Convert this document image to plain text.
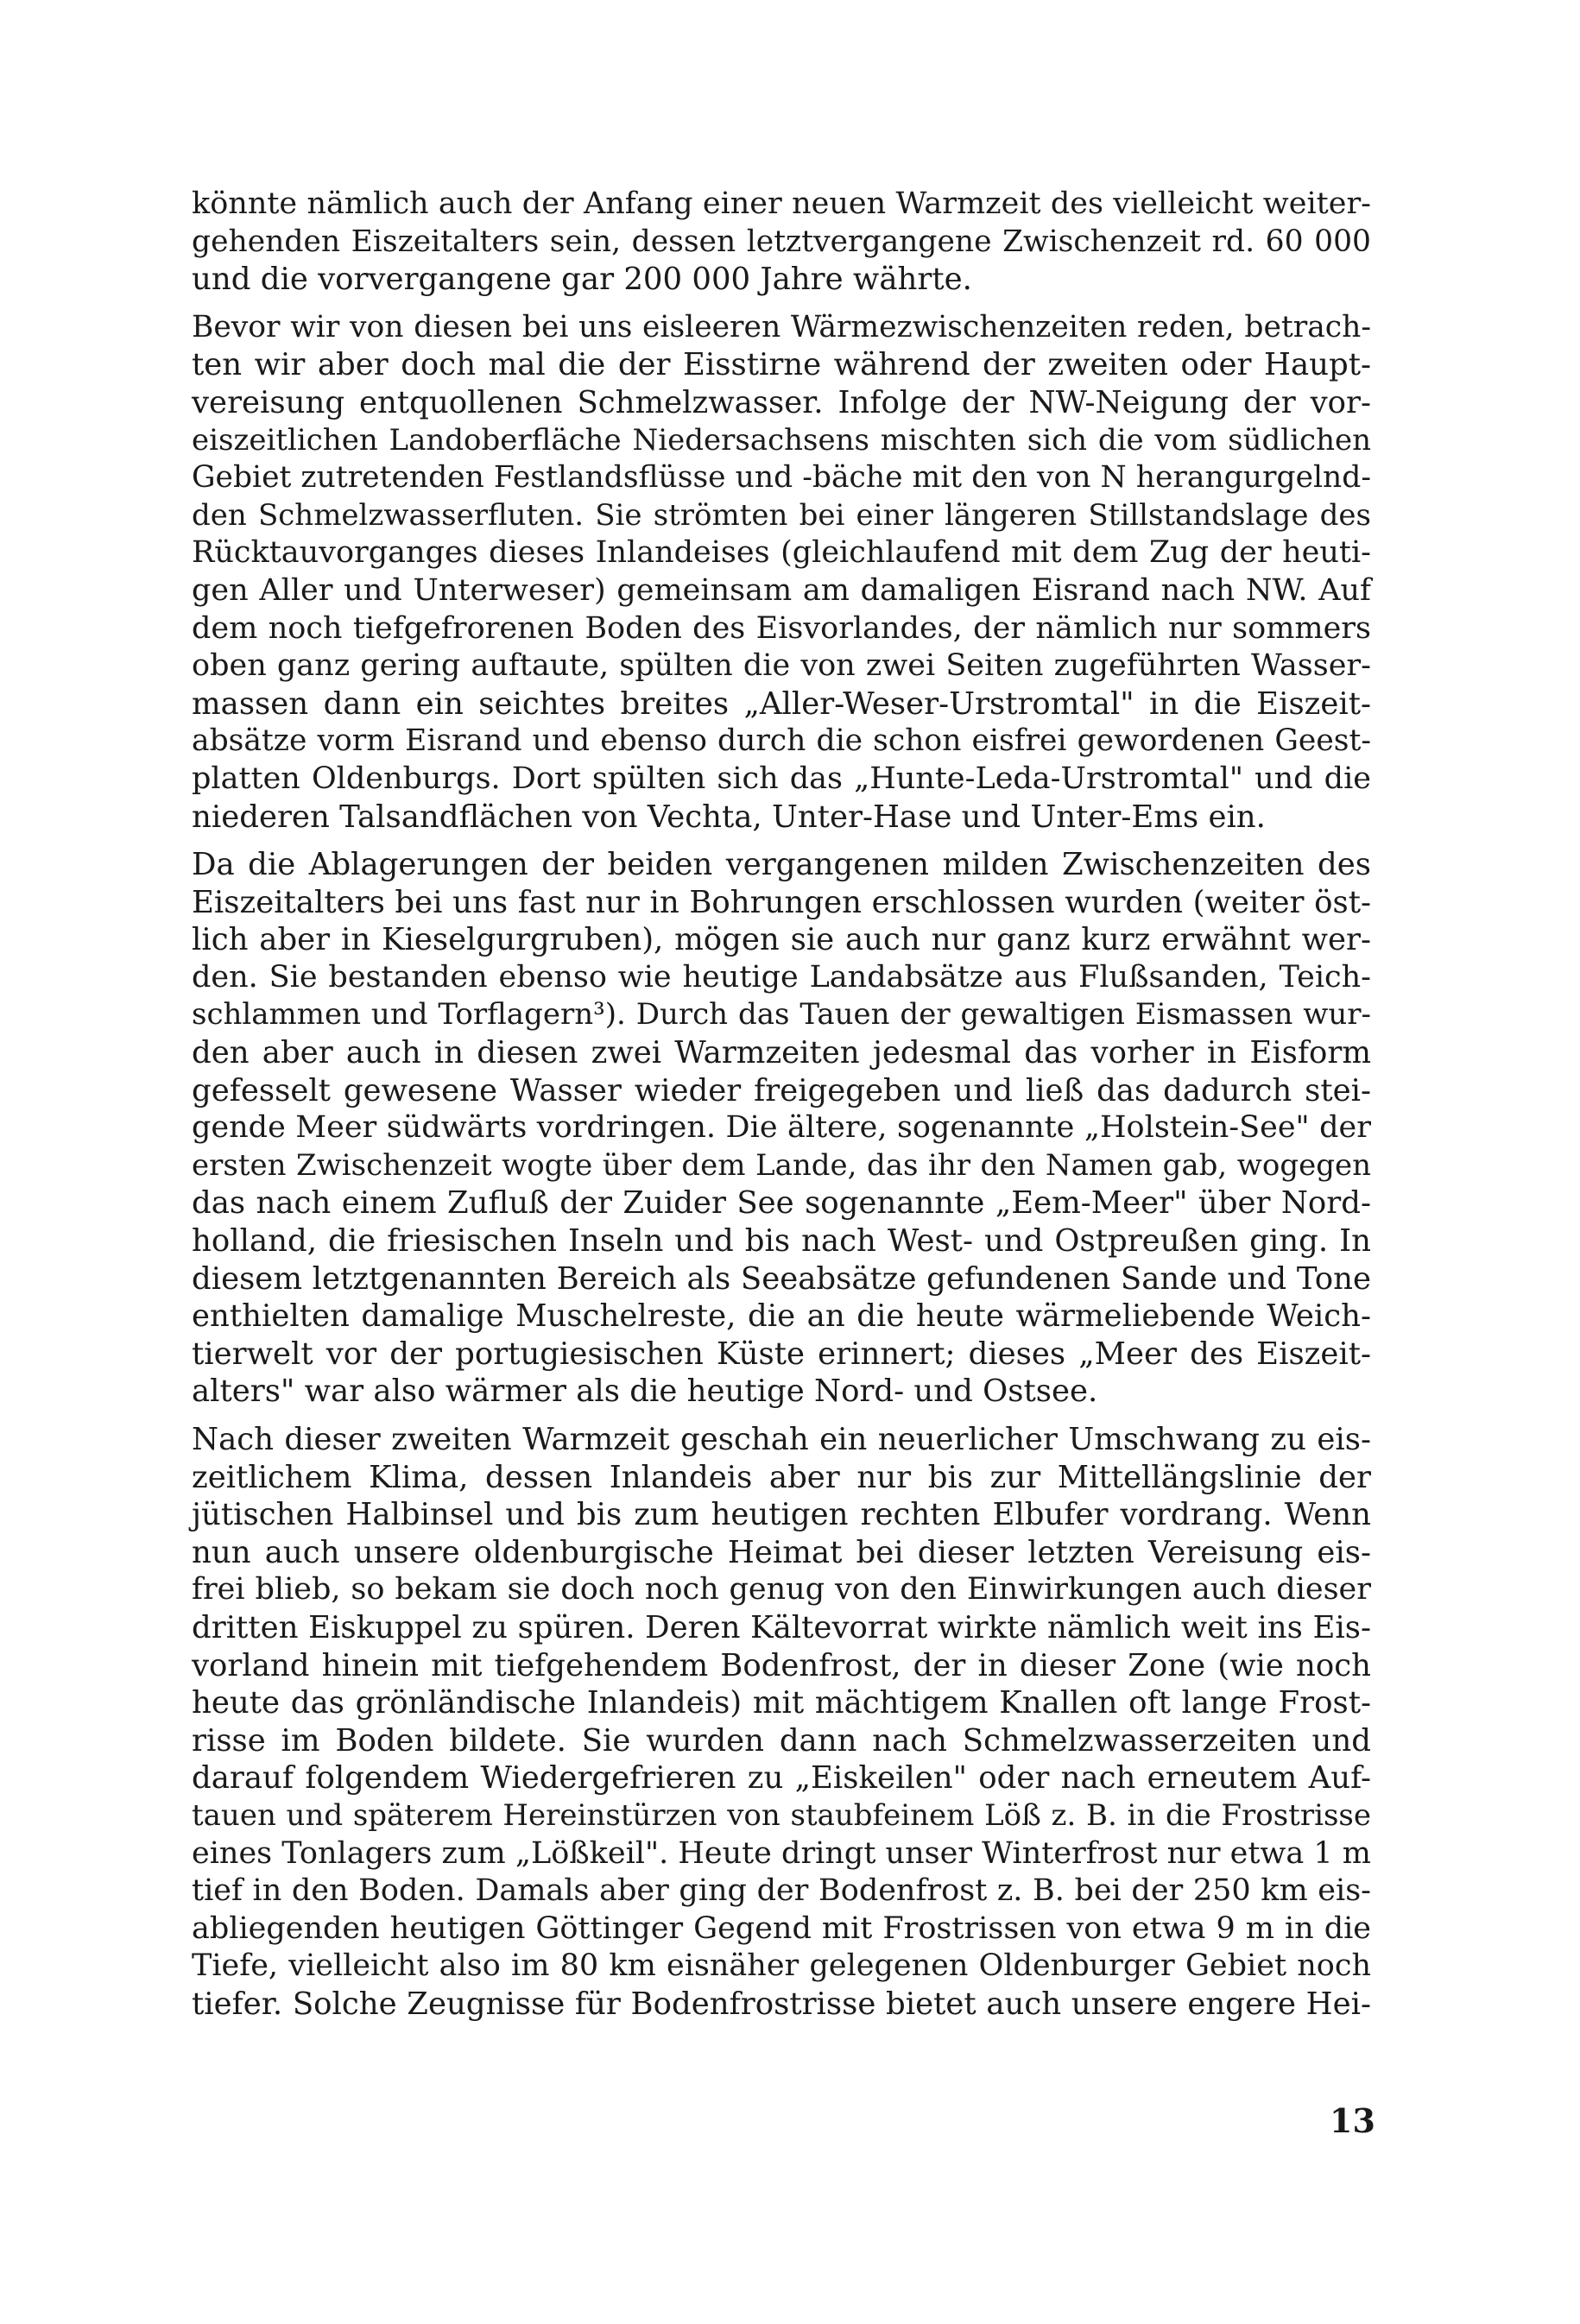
könnte nämlich auch der Anfang einer neuen Warmzeit des vielleicht weiter-
gehenden Eiszeitalters sein, dessen letztvergangene Zwischenzeit rd. 60 000
und die vorvergangene gar 200 000 Jahre währte.
Bevor wir von diesen bei uns eisleeren Wärmezwischenzeiten reden, betrach-
ten wir aber doch mal die der Eisstirne während der zweiten oder Haupt-
vereisung entquollenen Schmelzwasser. Infolge der NW-Neigung der vor-
eiszeitlichen Landoberfläche Niedersachsens mischten sich die vom südlichen
Gebiet zutretenden Festlandsflüsse und -bäche mit den von N herangurgelnd-
den Schmelzwasserfluten. Sie strömten bei einer längeren Stillstandslage des
Rücktauvorganges dieses Inlandeises (gleichlaufend mit dem Zug der heuti-
gen Aller und Unterweser) gemeinsam am damaligen Eisrand nach NW. Auf
dem noch tiefgefrorenen Boden des Eisvorlandes, der nämlich nur sommers
oben ganz gering auftaute, spülten die von zwei Seiten zugeführten Wasser-
massen dann ein seichtes breites „Aller-Weser-Urstromtal" in die Eiszeit-
absätze vorm Eisrand und ebenso durch die schon eisfrei gewordenen Geest-
platten Oldenburgs. Dort spülten sich das „Hunte-Leda-Urstromtal" und die
niederen Talsandflächen von Vechta, Unter-Hase und Unter-Ems ein.
Da die Ablagerungen der beiden vergangenen milden Zwischenzeiten des
Eiszeitalters bei uns fast nur in Bohrungen erschlossen wurden (weiter öst-
lich aber in Kieselgurgruben), mögen sie auch nur ganz kurz erwähnt wer-
den. Sie bestanden ebenso wie heutige Landabsätze aus Flußsanden, Teich-
schlammen und Torflagern³). Durch das Tauen der gewaltigen Eismassen wur-
den aber auch in diesen zwei Warmzeiten jedesmal das vorher in Eisform
gefesselt gewesene Wasser wieder freigegeben und ließ das dadurch stei-
gende Meer südwärts vordringen. Die ältere, sogenannte „Holstein-See" der
ersten Zwischenzeit wogte über dem Lande, das ihr den Namen gab, wogegen
das nach einem Zufluß der Zuider See sogenannte „Eem-Meer" über Nord-
holland, die friesischen Inseln und bis nach West- und Ostpreußen ging. In
diesem letztgenannten Bereich als Seeabsätze gefundenen Sande und Tone
enthielten damalige Muschelreste, die an die heute wärmeliebende Weich-
tierwelt vor der portugiesischen Küste erinnert; dieses „Meer des Eiszeit-
alters" war also wärmer als die heutige Nord- und Ostsee.
Nach dieser zweiten Warmzeit geschah ein neuerlicher Umschwang zu eis-
zeitlichem Klima, dessen Inlandeis aber nur bis zur Mittellängslinie der
jütischen Halbinsel und bis zum heutigen rechten Elbufer vordrang. Wenn
nun auch unsere oldenburgische Heimat bei dieser letzten Vereisung eis-
frei blieb, so bekam sie doch noch genug von den Einwirkungen auch dieser
dritten Eiskuppel zu spüren. Deren Kältevorrat wirkte nämlich weit ins Eis-
vorland hinein mit tiefgehendem Bodenfrost, der in dieser Zone (wie noch
heute das grönländische Inlandeis) mit mächtigem Knallen oft lange Frost-
risse im Boden bildete. Sie wurden dann nach Schmelzwasserzeiten und
darauf folgendem Wiedergefrieren zu „Eiskeilen" oder nach erneutem Auf-
tauen und späterem Hereinstürzen von staubfeinem Löß z. B. in die Frostrisse
eines Tonlagers zum „Lößkeil". Heute dringt unser Winterfrost nur etwa 1 m
tief in den Boden. Damals aber ging der Bodenfrost z. B. bei der 250 km eis-
abliegenden heutigen Göttinger Gegend mit Frostrissen von etwa 9 m in die
Tiefe, vielleicht also im 80 km eisnäher gelegenen Oldenburger Gebiet noch
tiefer. Solche Zeugnisse für Bodenfrostrisse bietet auch unsere engere Hei-
13
